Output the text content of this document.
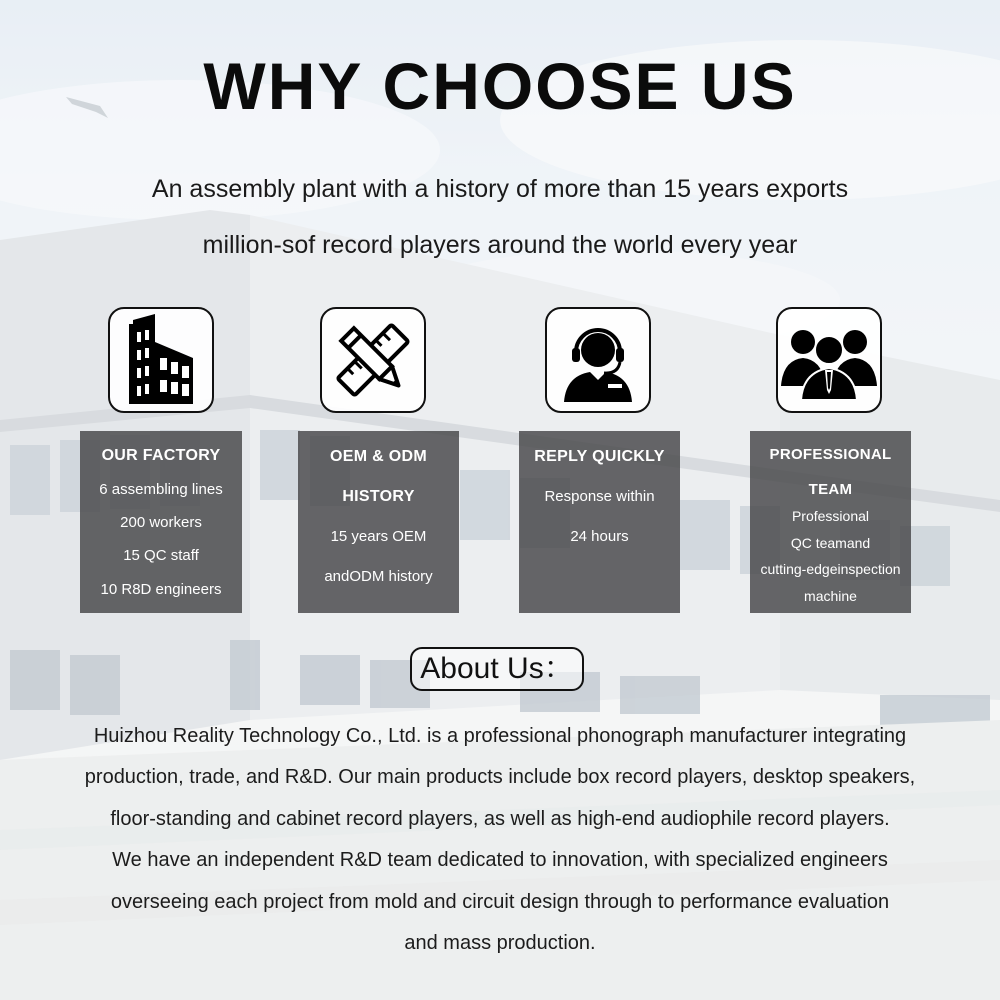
WHY CHOOSE US

An assembly plant with a history of more than 15 years exports

million-sof record players around the world every year

OUR FACTORY
6 assembling lines
200 workers
15 QC staff
10 R8D engineers
OEM & ODM
HISTORY
15 years OEM
andODM history
REPLY QUICKLY
Response within
24 hours
PROFESSIONAL
TEAM
Professional
QC teamand
cutting-edgeinspection
machine
About Us：

Huizhou Reality Technology Co., Ltd. is a professional phonograph manufacturer integrating

production, trade, and R&D. Our main products include box record players, desktop speakers,

floor-standing and cabinet record players, as well as high-end audiophile record players.

We have an independent R&D team dedicated to innovation, with specialized engineers

overseeing each project from mold and circuit design through to performance evaluation

and mass production.
